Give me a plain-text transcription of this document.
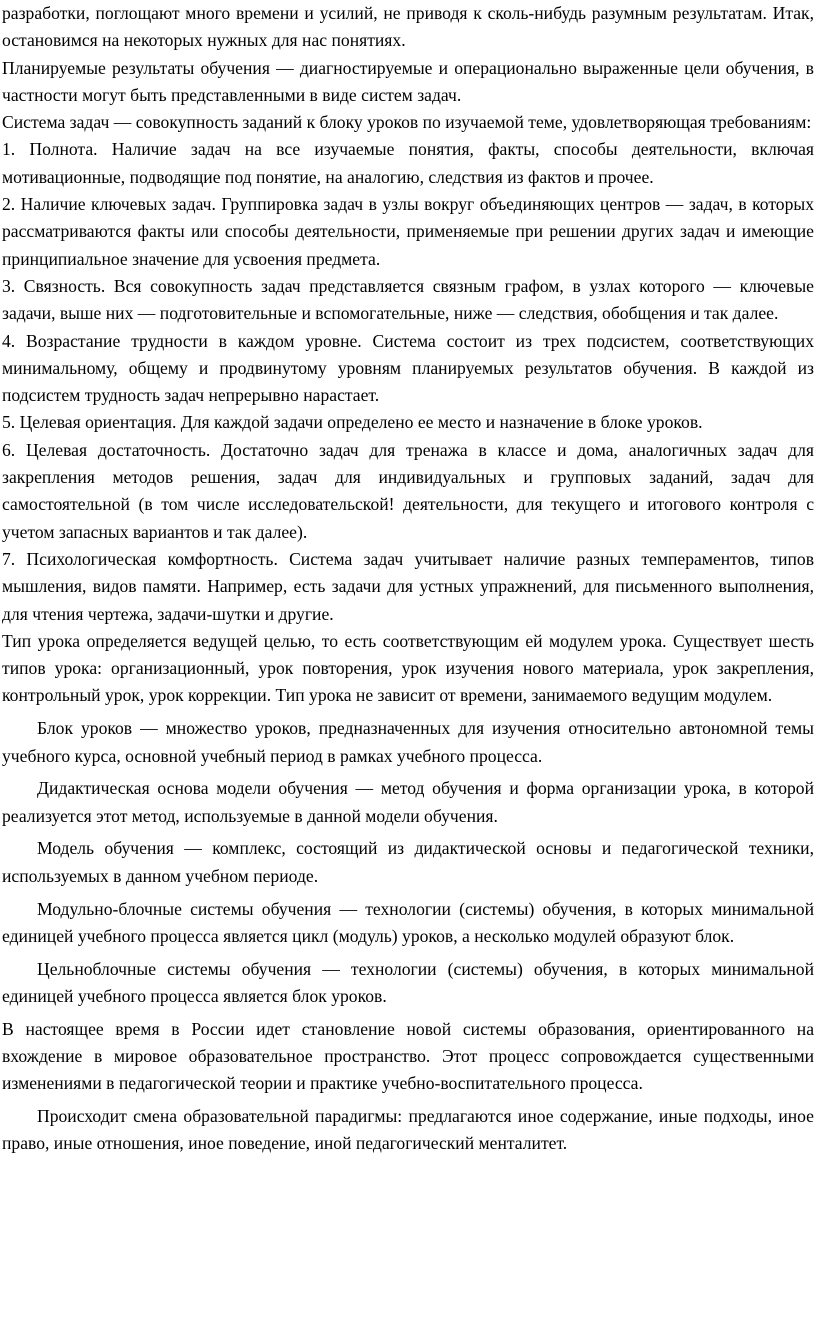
разработки, поглощают много времени и усилий, не приводя к сколь-нибудь разумным результатам. Итак, остановимся на некоторых нужных для нас понятиях.

Планируемые результаты обучения — диагностируемые и операционально выраженные цели обучения, в частности могут быть представленными в виде систем задач.

Система задач — совокупность заданий к блоку уроков по изучаемой теме, удовлетворяющая требованиям:

1. Полнота. Наличие задач на все изучаемые понятия, факты, способы деятельности, включая мотивационные, подводящие под понятие, на аналогию, следствия из фактов и прочее.

2. Наличие ключевых задач. Группировка задач в узлы вокруг объединяющих центров — задач, в которых рассматриваются факты или способы деятельности, применяемые при решении других задач и имеющие принципиальное значение для усвоения предмета.

3. Связность. Вся совокупность задач представляется связным графом, в узлах которого — ключевые задачи, выше них — подготовительные и вспомогательные, ниже — следствия, обобщения и так далее.

4. Возрастание трудности в каждом уровне. Система состоит из трех подсистем, соответствующих минимальному, общему и продвинутому уровням планируемых результатов обучения. В каждой из подсистем трудность задач непрерывно нарастает.

5. Целевая ориентация. Для каждой задачи определено ее место и назначение в блоке уроков.

6. Целевая достаточность. Достаточно задач для тренажа в классе и дома, аналогичных задач для закрепления методов решения, задач для индивидуальных и групповых заданий, задач для самостоятельной (в том числе исследовательской! деятельности, для текущего и итогового контроля с учетом запасных вариантов и так далее).

7. Психологическая комфортность. Система задач учитывает наличие разных темпераментов, типов мышления, видов памяти. Например, есть задачи для устных упражнений, для письменного выполнения, для чтения чертежа, задачи-шутки и другие.

Тип урока определяется ведущей целью, то есть соответствующим ей модулем урока. Существует шесть типов урока: организационный, урок повторения, урок изучения нового материала, урок закрепления, контрольный урок, урок коррекции. Тип урока не зависит от времени, занимаемого ведущим модулем.

Блок уроков — множество уроков, предназначенных для изучения относительно автономной темы учебного курса, основной учебный период в рамках учебного процесса.

Дидактическая основа модели обучения — метод обучения и форма организации урока, в которой реализуется этот метод, используемые в данной модели обучения.

Модель обучения — комплекс, состоящий из дидактической основы и педагогической техники, используемых в данном учебном периоде.

Модульно-блочные системы обучения — технологии (системы) обучения, в которых минимальной единицей учебного процесса является цикл (модуль) уроков, а несколько модулей образуют блок.

Цельноблочные системы обучения — технологии (системы) обучения, в которых минимальной единицей учебного процесса является блок уроков.

В настоящее время в России идет становление новой системы образования, ориентированного на вхождение в мировое образовательное пространство. Этот процесс сопровождается существенными изменениями в педагогической теории и практике учебно-воспитательного процесса.

Происходит смена образовательной парадигмы: предлагаются иное содержание, иные подходы, иное право, иные отношения, иное поведение, иной педагогический менталитет.
